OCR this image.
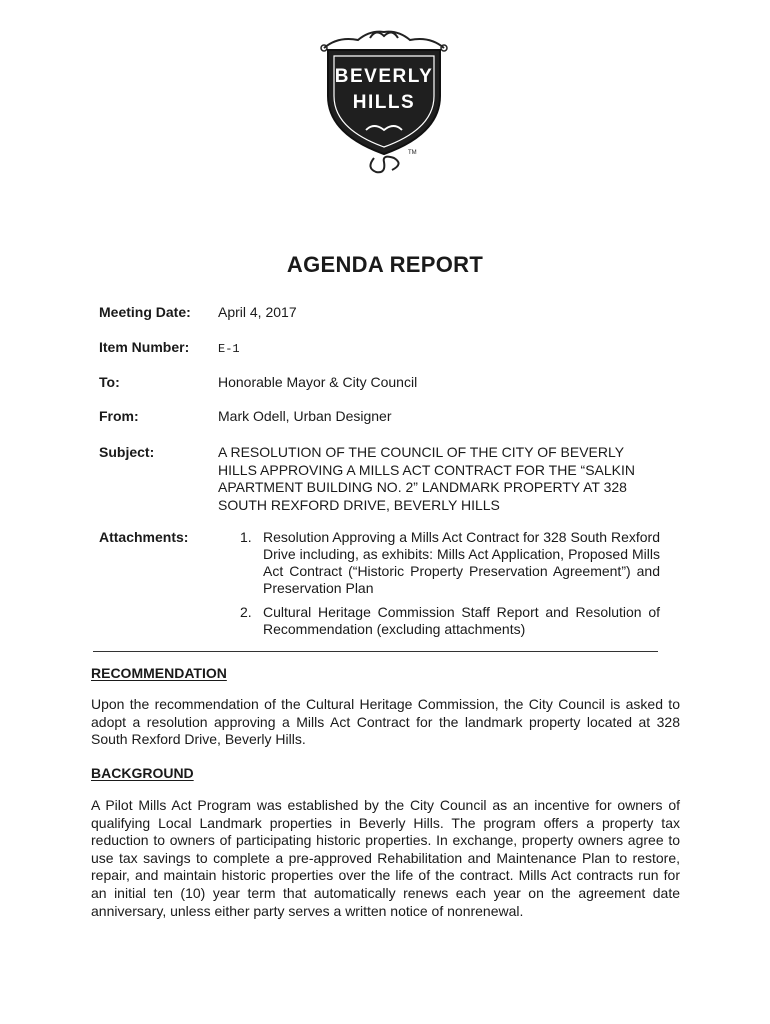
BEVERLY
HILLS
TM
AGENDA REPORT
Meeting Date: April 4, 2017
Item Number: E-1
To:	Honorable Mayor & City Council
From:	Mark Odell, Urban Designer
Subject:	A RESOLUTION OF THE COUNCIL OF THE CITY OF BEVERLY
HILLS APPROVING A MILLS ACT CONTRACT FOR THE “SALKIN
APARTMENT BUILDING NO. 2” LANDMARK PROPERTY AT 328
SOUTH REXFORD DRIVE, BEVERLY HILLS
Attachments:	1. Resolution Approving a Mills Act Contract for 328 South Rexford Drive including, as exhibits: Mills Act Application, Proposed Mills Act Contract (“Historic Property Preservation Agreement”) and Preservation Plan
2. Cultural Heritage Commission Staff Report and Resolution of Recommendation (excluding attachments)
RECOMMENDATION
Upon the recommendation of the Cultural Heritage Commission, the City Council is asked to adopt a resolution approving a Mills Act Contract for the landmark property located at 328 South Rexford Drive, Beverly Hills.
BACKGROUND
A Pilot Mills Act Program was established by the City Council as an incentive for owners of qualifying Local Landmark properties in Beverly Hills. The program offers a property tax reduction to owners of participating historic properties. In exchange, property owners agree to use tax savings to complete a pre-approved Rehabilitation and Maintenance Plan to restore, repair, and maintain historic properties over the life of the contract. Mills Act contracts run for an initial ten (10) year term that automatically renews each year on the agreement date anniversary, unless either party serves a written notice of nonrenewal.
